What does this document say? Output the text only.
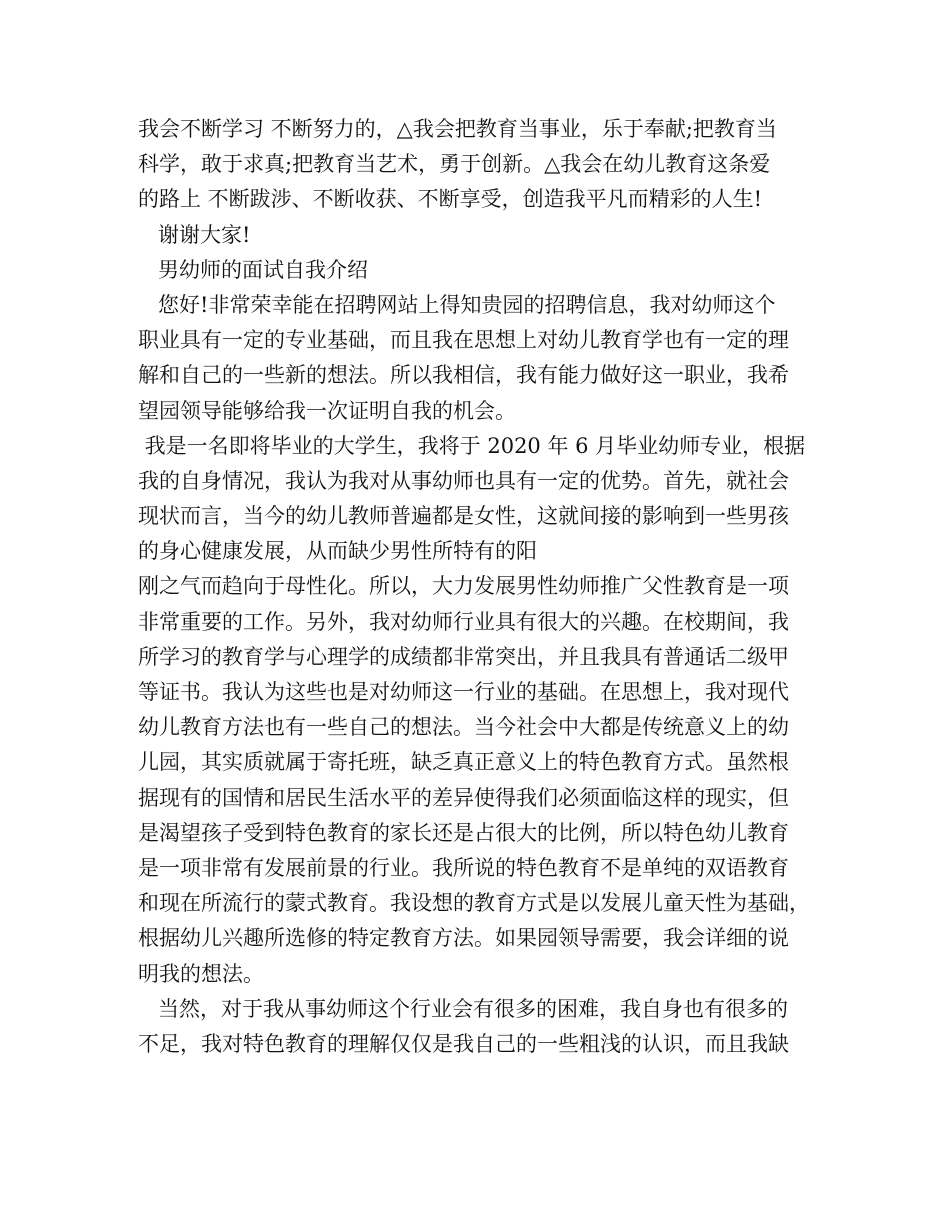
我会不断学习 不断努力的，△我会把教育当事业，乐于奉献;把教育当
科学，敢于求真;把教育当艺术，勇于创新。△我会在幼儿教育这条爱
的路上 不断跋涉、不断收获、不断享受，创造我平凡而精彩的人生!
谢谢大家!
男幼师的面试自我介绍
您好!非常荣幸能在招聘网站上得知贵园的招聘信息，我对幼师这个
职业具有一定的专业基础，而且我在思想上对幼儿教育学也有一定的理
解和自己的一些新的想法。所以我相信，我有能力做好这一职业，我希
望园领导能够给我一次证明自我的机会。
我是一名即将毕业的大学生，我将于 2020 年 6 月毕业幼师专业，根据
我的自身情况，我认为我对从事幼师也具有一定的优势。首先，就社会
现状而言，当今的幼儿教师普遍都是女性，这就间接的影响到一些男孩
的身心健康发展，从而缺少男性所特有的阳
刚之气而趋向于母性化。所以，大力发展男性幼师推广父性教育是一项
非常重要的工作。另外，我对幼师行业具有很大的兴趣。在校期间，我
所学习的教育学与心理学的成绩都非常突出，并且我具有普通话二级甲
等证书。我认为这些也是对幼师这一行业的基础。在思想上，我对现代
幼儿教育方法也有一些自己的想法。当今社会中大都是传统意义上的幼
儿园，其实质就属于寄托班，缺乏真正意义上的特色教育方式。虽然根
据现有的国情和居民生活水平的差异使得我们必须面临这样的现实，但
是渴望孩子受到特色教育的家长还是占很大的比例，所以特色幼儿教育
是一项非常有发展前景的行业。我所说的特色教育不是单纯的双语教育
和现在所流行的蒙式教育。我设想的教育方式是以发展儿童天性为基础，
根据幼儿兴趣所选修的特定教育方法。如果园领导需要，我会详细的说
明我的想法。
当然，对于我从事幼师这个行业会有很多的困难，我自身也有很多的
不足，我对特色教育的理解仅仅是我自己的一些粗浅的认识，而且我缺
